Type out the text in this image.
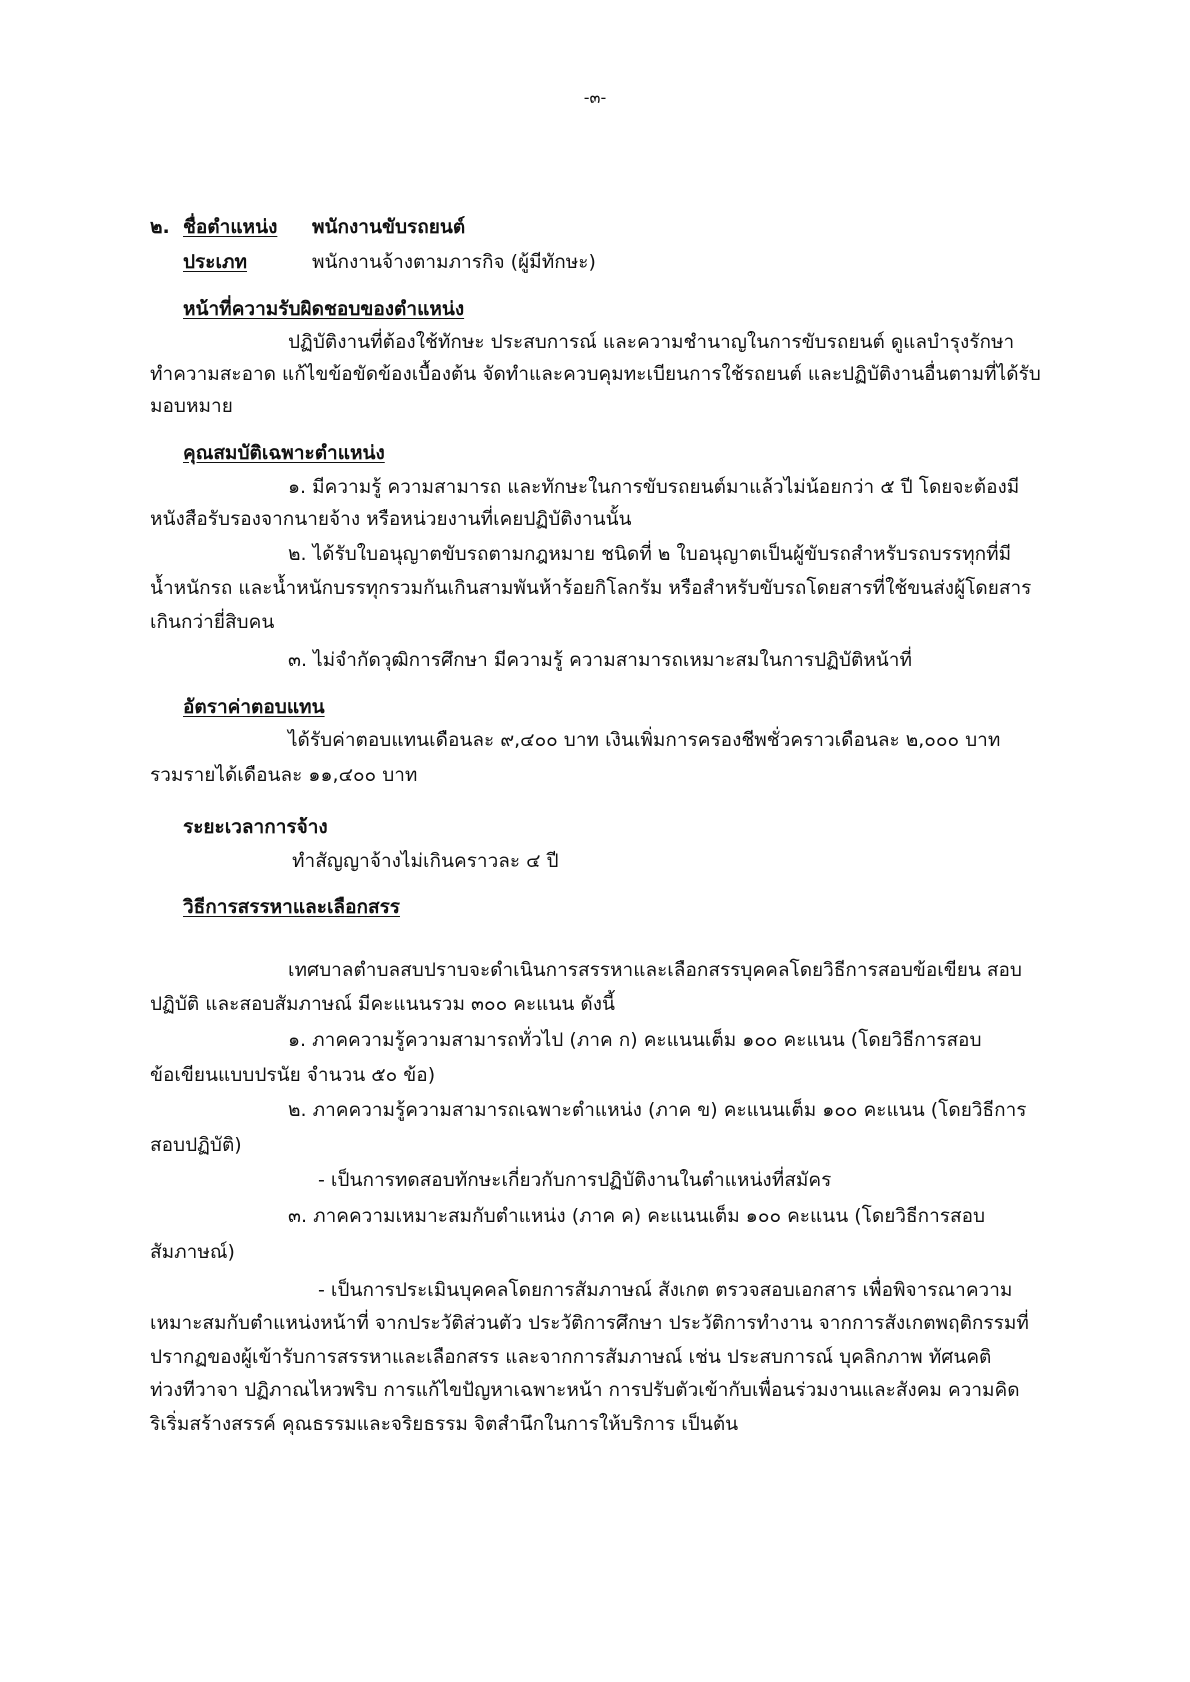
-๓-
๒. ชื่อตำแหน่ง พนักงานขับรถยนต์
ประเภท	พนักงานจ้างตามภารกิจ (ผู้มีทักษะ)
หน้าที่ความรับผิดชอบของตำแหน่ง
ปฏิบัติงานที่ต้องใช้ทักษะ ประสบการณ์ และความชำนาญในการขับรถยนต์ ดูแลบำรุงรักษา
ทำความสะอาด แก้ไขข้อขัดข้องเบื้องต้น จัดทำและควบคุมทะเบียนการใช้รถยนต์ และปฏิบัติงานอื่นตามที่ได้รับ
มอบหมาย
คุณสมบัติเฉพาะตำแหน่ง
๑. มีความรู้ ความสามารถ และทักษะในการขับรถยนต์มาแล้วไม่น้อยกว่า ๕ ปี โดยจะต้องมี
หนังสือรับรองจากนายจ้าง หรือหน่วยงานที่เคยปฏิบัติงานนั้น
๒. ได้รับใบอนุญาตขับรถตามกฎหมาย ชนิดที่ ๒ ใบอนุญาตเป็นผู้ขับรถสำหรับรถบรรทุกที่มี
น้ำหนักรถ และน้ำหนักบรรทุกรวมกันเกินสามพันห้าร้อยกิโลกรัม หรือสำหรับขับรถโดยสารที่ใช้ขนส่งผู้โดยสาร
เกินกว่ายี่สิบคน
๓. ไม่จำกัดวุฒิการศึกษา มีความรู้ ความสามารถเหมาะสมในการปฏิบัติหน้าที่
อัตราค่าตอบแทน
ได้รับค่าตอบแทนเดือนละ ๙,๔๐๐ บาท เงินเพิ่มการครองชีพชั่วคราวเดือนละ ๒,๐๐๐ บาท
รวมรายได้เดือนละ ๑๑,๔๐๐ บาท
ระยะเวลาการจ้าง
ทำสัญญาจ้างไม่เกินคราวละ ๔ ปี
วิธีการสรรหาและเลือกสรร
เทศบาลตำบลสบปราบจะดำเนินการสรรหาและเลือกสรรบุคคลโดยวิธีการสอบข้อเขียน สอบ
ปฏิบัติ และสอบสัมภาษณ์ มีคะแนนรวม ๓๐๐ คะแนน ดังนี้
๑. ภาคความรู้ความสามารถทั่วไป (ภาค ก) คะแนนเต็ม ๑๐๐ คะแนน (โดยวิธีการสอบ
ข้อเขียนแบบปรนัย จำนวน ๕๐ ข้อ)
๒. ภาคความรู้ความสามารถเฉพาะตำแหน่ง (ภาค ข) คะแนนเต็ม ๑๐๐ คะแนน (โดยวิธีการ
สอบปฏิบัติ)
- เป็นการทดสอบทักษะเกี่ยวกับการปฏิบัติงานในตำแหน่งที่สมัคร
๓. ภาคความเหมาะสมกับตำแหน่ง (ภาค ค) คะแนนเต็ม ๑๐๐ คะแนน (โดยวิธีการสอบ
สัมภาษณ์)
- เป็นการประเมินบุคคลโดยการสัมภาษณ์ สังเกต ตรวจสอบเอกสาร เพื่อพิจารณาความ
เหมาะสมกับตำแหน่งหน้าที่ จากประวัติส่วนตัว ประวัติการศึกษา ประวัติการทำงาน จากการสังเกตพฤติกรรมที่
ปรากฏของผู้เข้ารับการสรรหาและเลือกสรร และจากการสัมภาษณ์ เช่น ประสบการณ์ บุคลิกภาพ ทัศนคติ
ท่วงทีวาจา ปฏิภาณไหวพริบ การแก้ไขปัญหาเฉพาะหน้า การปรับตัวเข้ากับเพื่อนร่วมงานและสังคม ความคิด
ริเริ่มสร้างสรรค์ คุณธรรมและจริยธรรม จิตสำนึกในการให้บริการ เป็นต้น
